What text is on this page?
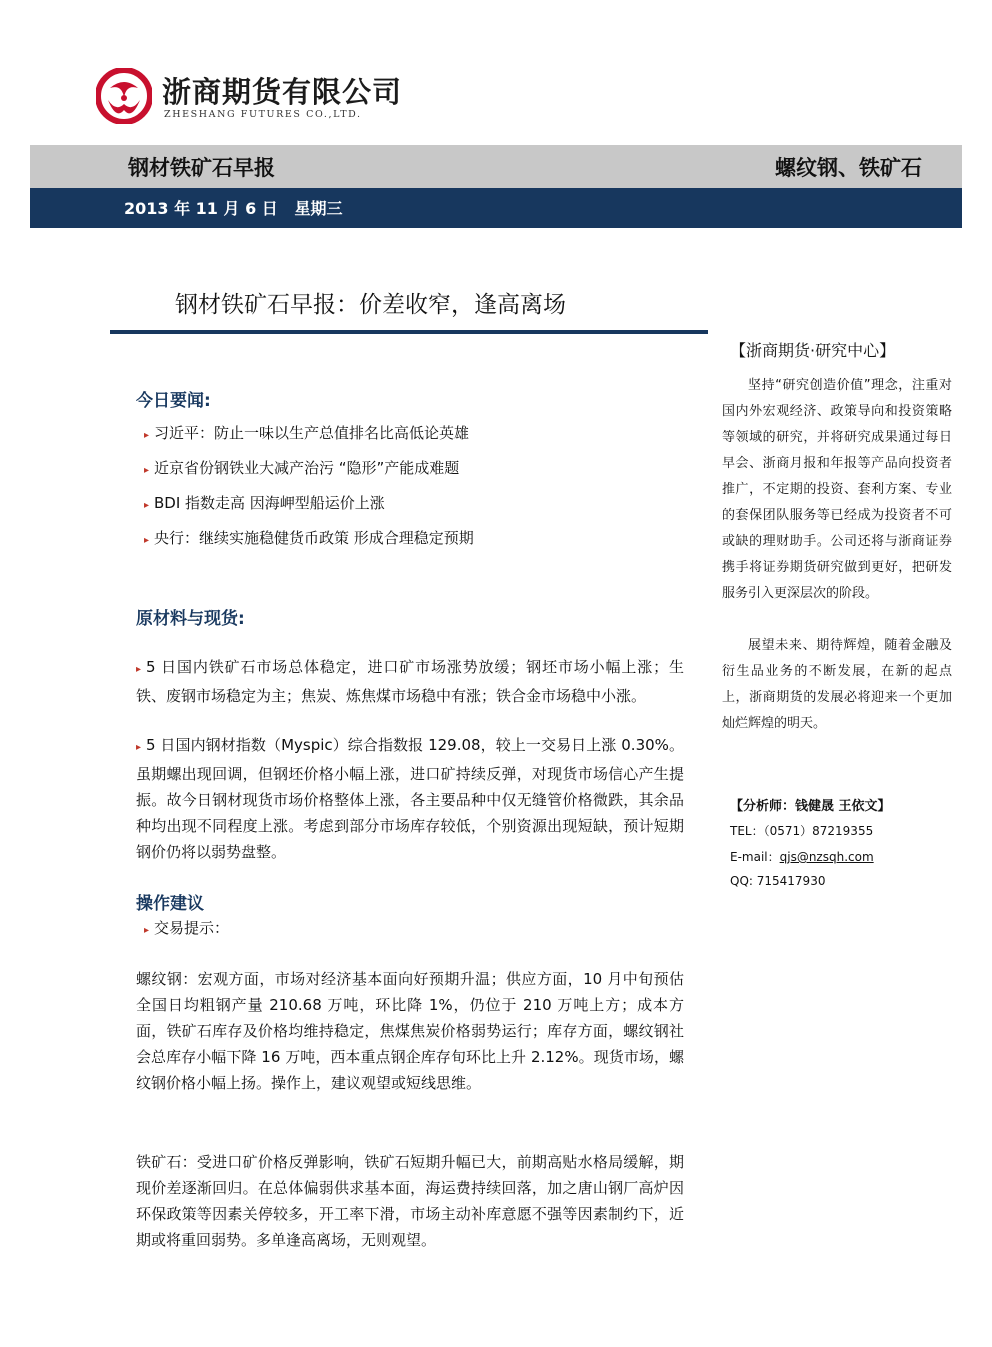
浙商期货有限公司
ZHESHANG FUTURES CO.,LTD.
钢材铁矿石早报	螺纹钢、铁矿石
2013 年 11 月 6 日   星期三
钢材铁矿石早报：价差收窄，逢高离场
今日要闻:
▸ 习近平：防止一味以生产总值排名比高低论英雄
▸ 近京省份钢铁业大减产治污 “隐形”产能成难题
▸ BDI 指数走高 因海岬型船运价上涨
▸ 央行：继续实施稳健货币政策 形成合理稳定预期
原材料与现货:
▸ 5 日国内铁矿石市场总体稳定，进口矿市场涨势放缓；钢坯市场小幅上涨；生铁、废钢市场稳定为主；焦炭、炼焦煤市场稳中有涨；铁合金市场稳中小涨。
▸ 5 日国内钢材指数（Myspic）综合指数报 129.08，较上一交易日上涨 0.30%。虽期螺出现回调，但钢坯价格小幅上涨，进口矿持续反弹，对现货市场信心产生提振。故今日钢材现货市场价格整体上涨，各主要品种中仅无缝管价格微跌，其余品种均出现不同程度上涨。考虑到部分市场库存较低，个别资源出现短缺，预计短期钢价仍将以弱势盘整。
操作建议
▸ 交易提示：

螺纹钢：宏观方面，市场对经济基本面向好预期升温；供应方面，10 月中旬预估全国日均粗钢产量 210.68 万吨，环比降 1%，仍位于 210 万吨上方；成本方面，铁矿石库存及价格均维持稳定，焦煤焦炭价格弱势运行；库存方面，螺纹钢社会总库存小幅下降 16 万吨，西本重点钢企库存旬环比上升 2.12%。现货市场，螺纹钢价格小幅上扬。操作上，建议观望或短线思维。

铁矿石：受进口矿价格反弹影响，铁矿石短期升幅已大，前期高贴水格局缓解，期现价差逐渐回归。在总体偏弱供求基本面，海运费持续回落，加之唐山钢厂高炉因环保政策等因素关停较多，开工率下滑，市场主动补库意愿不强等因素制约下，近期或将重回弱势。多单逢高离场，无则观望。

【浙商期货·研究中心】

坚持“研究创造价值”理念，注重对国内外宏观经济、政策导向和投资策略等领域的研究，并将研究成果通过每日早会、浙商月报和年报等产品向投资者推广，不定期的投资、套利方案、专业的套保团队服务等已经成为投资者不可或缺的理财助手。公司还将与浙商证券携手将证券期货研究做到更好，把研发服务引入更深层次的阶段。

展望未来、期待辉煌，随着金融及衍生品业务的不断发展，在新的起点上，浙商期货的发展必将迎来一个更加灿烂辉煌的明天。

【分析师：钱健晟 王依文】
TEL：（0571）87219355
E-mail：qjs@nzsqh.com
QQ: 715417930
